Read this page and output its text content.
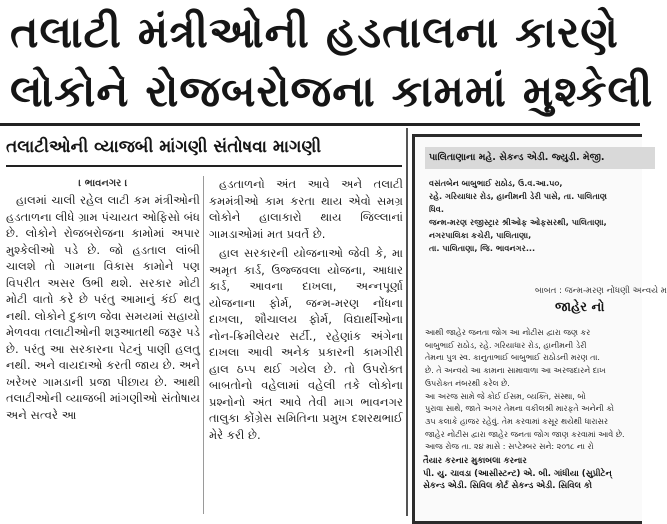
તલાટી મંત્રીઓની હડતાલના કારણે
લોકોને રોજબરોજના કામમાં મુશ્કેલી
તલાટીઓની વ્યાજબી માંગણી સંતોષવા માગણી
। ભાવનગર ।

હાલમાં ચાલી રહેલ લાટી કમ મંત્રીઓની હડતાળના લીધે ગ્રામ પંચાયત ઓફિસો બંધ છે. લોકોને રોજબરોજના કામોમાં અપાર મુશ્કેલીઓ પડે છે. જો હડતાલ લાંબી ચાલશે તો ગામના વિકાસ કામોને પણ વિપરીત અસર ઉભી થશે. સરકાર મોટી મોટી વાતો કરે છે પરંતુ આમાનું કંઈ થતુ નથી. લોકોને દુકાળ જેવા સમયમાં સહાયો મેળવવા તલાટીઓની શરૂઆતથી જરૂર પડે છે. પરંતુ આ સરકારના પેટનું પાણી હલતુ નથી. અને વાયદાઓ કરતી જાય છે. અને ખરેખર ગામડાની પ્રજા પીછાય છે. આથી તલાટીઓની વ્યાજબી માંગણીઓ સંતોષાય અને સત્વરે આ

હડતાળનો અંત આવે અને તલાટી કમમંત્રીઓ કામ કરતા થાય એવો સમગ્ર લોકોને હાલાકારો થાય જિલ્લાનાં ગામડાઓમાં મત પ્રવર્તે છે.

હાલ સરકારની યોજનાઓ જેવી કે, મા અમૃત કાર્ડ, ઉજ્જવલા યોજના, આધાર કાર્ડ, આવના દાખલા, અન્નપૂર્ણા યોજનાના ફોર્મ, જન્મ-મરણ નોંધના દાખલા, શૌચાલય ફોર્મ, વિદ્યાર્થીઓના નોન-ક્રિમીલેયર સર્ટી., રહેણાંક અંગેના દાખલા આવી અનેક પ્રકારની કામગીરી હાલ ઠપ્પ થઈ ગયેલ છે. તો ઉપરોક્ત બાબતોનો વહેલામાં વહેલી તકે લોકોના પ્રશ્નોનો અંત આવે તેવી માગ ભાવનગર તાલુકા કોંગ્રેસ સમિતિના પ્રમુખ દશરથભાઈ મેરે કરી છે.

પાલિતાણાના મહે. સેકન્ડ એડી. જ્યુડી. મેજી.
વસંતબેન બાબુભાઈ રાઠોડ, ઉ.વ.આ.૫૦,
રહે. ગરિયાધાર રોડ, હાનીમની ડેરી પાસે, તા. પાલિતાણ
ધિવ.
જન્મ-મરણ રજીસ્ટ્રાર શ્રીઓફ ઓફસરથી, પાલિતાણા,
નગરપાલિકા કચેરી, પાલિતાણા,
તા. પાલિતાણા, જિ. ભાવનગર...
બાબત : જન્મ-મરણ નોંધણી અન્વયે મ
જાહેર નો
આથી જાહેર જનતા જોગ આ નોટીસ દ્વારા જણ કર
બાબુભાઈ રાઠોડ, રહે. ગરિયાધાર રોડ, હાનીમની ડેરી
તેમના પુત્ર સ્વ. કાનુતાભાઈ બાબુભાઈ રાઠોડની મરણ તા.
છે. તે અન્વયે આ કામના સામાવાળા આ અરજદારને દાખ
ઉપરોક્ત નંબરથી કરેલ છે.
આ અરજ સામે જે કોઈ ઈસમ, વ્યક્તિ, સંસ્થા, બો
પુરાવા સાથે, જાતે અગર તેમના વકીલશ્રી મારફતે અનેની કો
૩૫ કલાકે હાજર રહેવું. તેમ કરવામાં કસૂર થયેથી ધારાસર
જાહેર નોટીસ દ્વારા જાહેર જનતા જોગ જાણ કરવામાં આવે છે.
આજ રોજ તા. ૨૪ માસે : સપ્ટેમ્બર સને: ૨૦૧૮ ના રો
તૈયાર કરનાર મુકાબલા કરનાર
પી. યુ. ચાવડા (આસીસ્ટન્ટ) એ. બી. ગાંધીયા (સુપ્રીટેન્
સેકન્ડ એડી. સિવિલ કોર્ટ સેકન્ડ એડી. સિવિલ કો
